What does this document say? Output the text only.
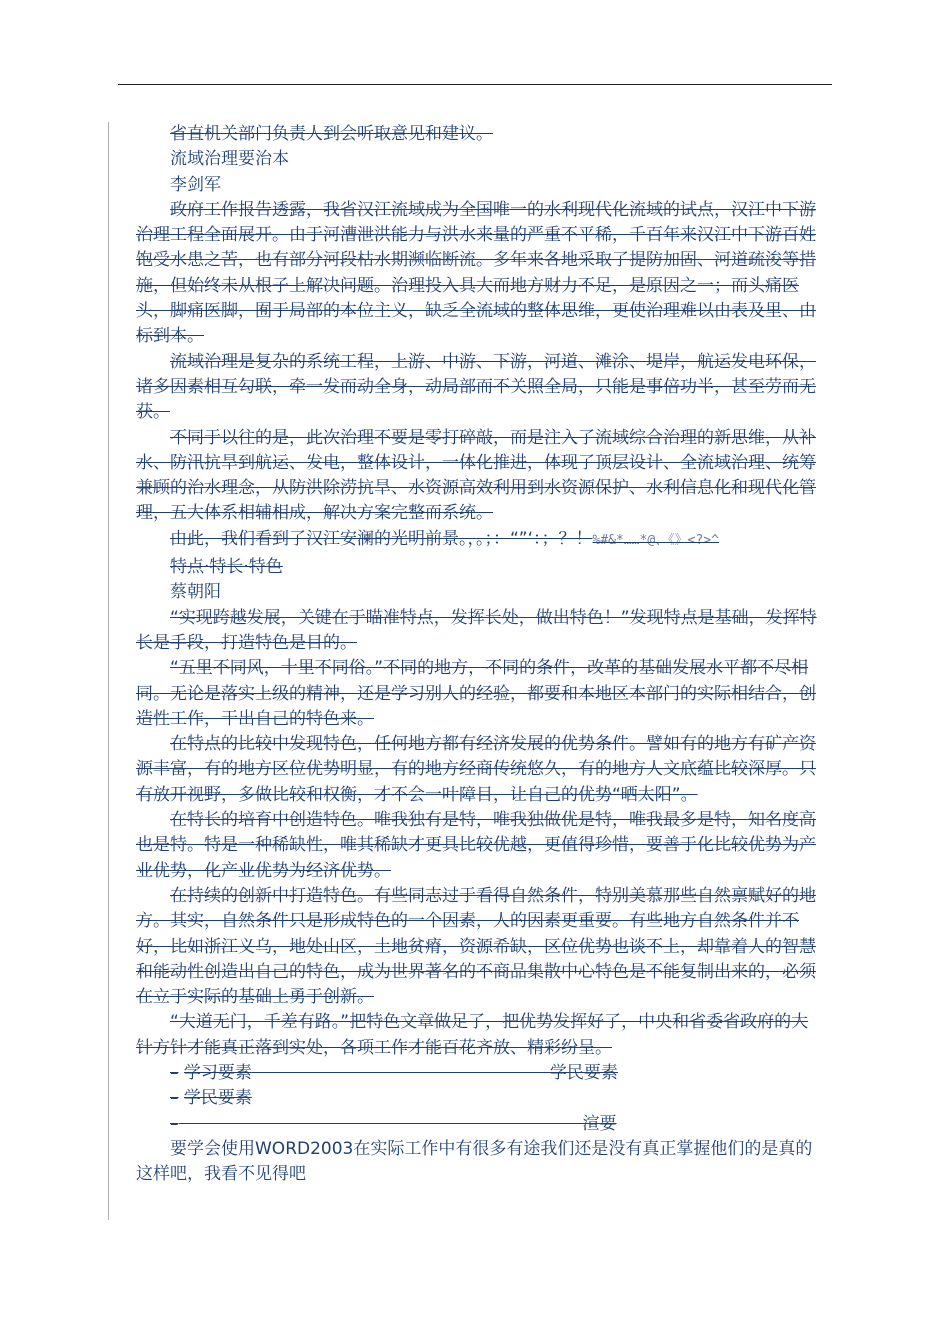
省直机关部门负责人到会听取意见和建议。

流域治理要治本

李剑军

政府工作报告透露，我省汉江流域成为全国唯一的水利现代化流域的试点，汉江中下游治理工程全面展开。由于河漕泄洪能力与洪水来量的严重不平稀，千百年来汉江中下游百姓饱受水患之苦，也有部分河段枯水期濒临断流。多年来各地采取了提防加固、河道疏浚等措施，但始终未从根子上解决问题。治理投入具大而地方财力不足，是原因之一；而头痛医头，脚痛医脚，囿于局部的本位主义，缺乏全流域的整体思维，更使治理难以由表及里、由标到本。

流域治理是复杂的系统工程，上游、中游、下游，河道、滩涂、堤岸，航运发电环保，诸多因素相互勾联，牵一发而动全身，动局部而不关照全局，只能是事倍功半，甚至劳而无获。

不同于以往的是，此次治理不要是零打碎敲，而是注入了流域综合治理的新思维，从补水、防汛抗旱到航运、发电，整体设计，一体化推进，体现了顶层设计、全流域治理、统筹兼顾的治水理念，从防洪除涝抗旱、水资源高效利用到水资源保护、水利信息化和现代化管理，五大体系相辅相成，解决方案完整而系统。

由此，我们看到了汉江安澜的光明前景。，。；：“”‘：；？！%#&*……*@、《》<?>^

特点·特长·特色

蔡朝阳

“实现跨越发展，关键在于瞄准特点，发挥长处，做出特色！”发现特点是基础，发挥特长是手段，打造特色是目的。

“五里不同风，十里不同俗。”不同的地方，不同的条件，改革的基础发展水平都不尽相同。无论是落实上级的精神，还是学习别人的经验，都要和本地区本部门的实际相结合，创造性工作，干出自己的特色来。

在特点的比较中发现特色，任何地方都有经济发展的优势条件。譬如有的地方有矿产资源丰富，有的地方区位优势明显，有的地方经商传统悠久，有的地方人文底蕴比较深厚。只有放开视野，多做比较和权衡，才不会一叶障目，让自己的优势“晒太阳”。

在特长的培育中创造特色。唯我独有是特，唯我独做优是特，唯我最多是特，知名度高也是特。特是一种稀缺性，唯其稀缺才更具比较优越，更值得珍惜，要善于化比较优势为产业优势，化产业优势为经济优势。

在持续的创新中打造特色。有些同志过于看得自然条件，特别美慕那些自然禀赋好的地方。其实，自然条件只是形成特色的一个因素，人的因素更重要。有些地方自然条件并不好，比如浙江义乌，地处山区，土地贫瘠，资源希缺，区位优势也谈不上，却靠着人的智慧和能动性创造出自己的特色，成为世界著名的不商品集散中心特色是不能复制出来的，必须在立于实际的基础上勇于创新。

“大道无门，千差有路。”把特色文章做足了，把优势发挥好了，中央和省委省政府的大针方针才能真正落到实处，各项工作才能百花齐放、精彩纷呈。

– 学习要素	学民要素

– 学民要素

–	渲要

要学会使用WORD2003在实际工作中有很多有途我们还是没有真正掌握他们的是真的这样吧，我看不见得吧
